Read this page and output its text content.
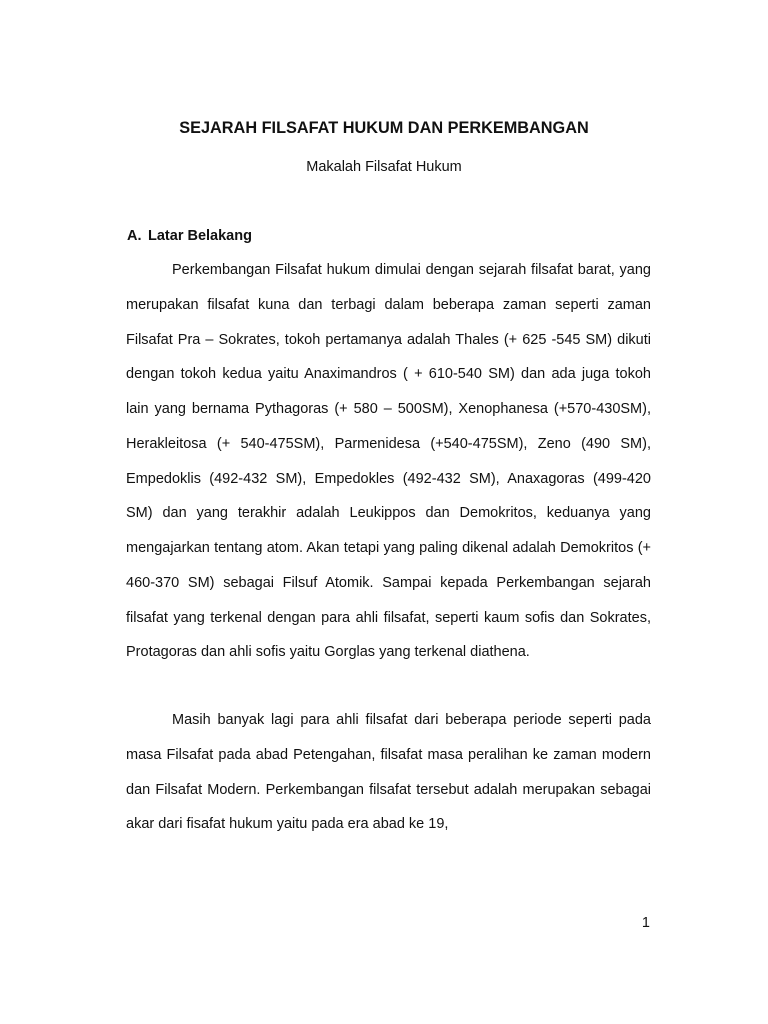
SEJARAH FILSAFAT HUKUM DAN PERKEMBANGAN
Makalah Filsafat Hukum
A. Latar Belakang

Perkembangan Filsafat hukum dimulai dengan sejarah filsafat barat, yang merupakan filsafat kuna dan terbagi dalam beberapa zaman seperti zaman Filsafat Pra – Sokrates, tokoh pertamanya adalah Thales (+ 625 -545 SM) dikuti dengan tokoh kedua yaitu Anaximandros ( + 610-540 SM) dan ada juga tokoh lain yang bernama Pythagoras (+ 580 – 500SM), Xenophanesa (+570-430SM), Herakleitosa (+ 540-475SM), Parmenidesa (+540-475SM), Zeno (490 SM), Empedoklis (492-432 SM), Empedokles (492-432 SM), Anaxagoras (499-420 SM) dan yang terakhir adalah Leukippos dan Demokritos, keduanya yang mengajarkan tentang atom. Akan tetapi yang paling dikenal adalah Demokritos (+ 460-370 SM) sebagai Filsuf Atomik. Sampai kepada Perkembangan sejarah filsafat yang terkenal dengan para ahli filsafat, seperti kaum sofis dan Sokrates, Protagoras dan ahli sofis yaitu Gorglas yang terkenal diathena.

Masih banyak lagi para ahli filsafat dari beberapa periode seperti pada masa Filsafat pada abad Petengahan, filsafat masa peralihan ke zaman modern dan Filsafat Modern. Perkembangan filsafat tersebut adalah merupakan sebagai akar dari fisafat hukum yaitu pada era abad ke 19,

1
